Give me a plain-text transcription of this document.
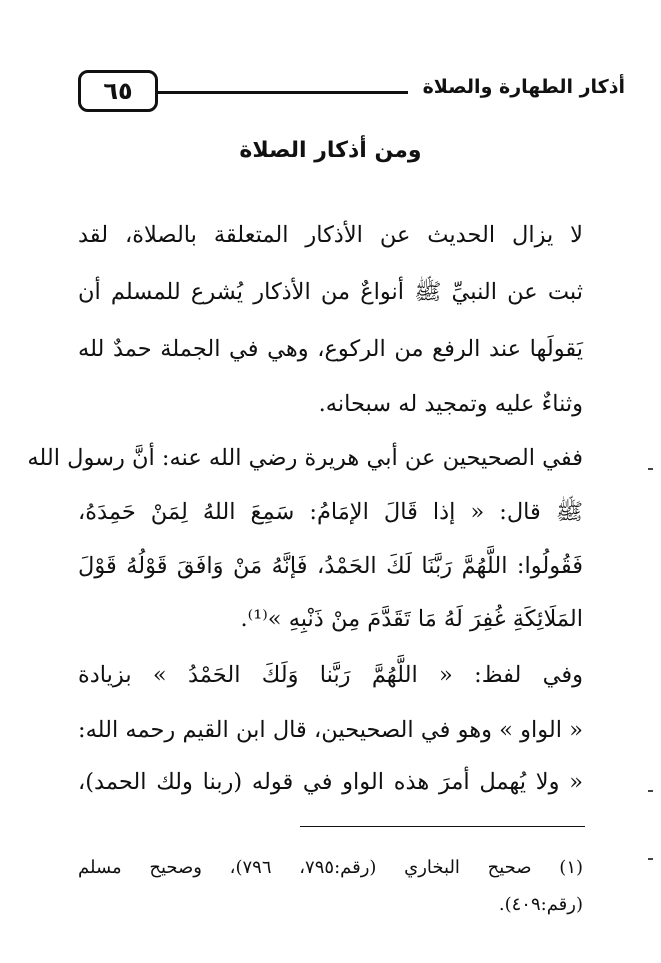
أذكار الطهارة والصلاة
٦٥
ومن أذكار الصلاة
لا يزال الحديث عن الأذكار المتعلقة بالصلاة، لقد
ثبت عن النبيِّ ﷺ أنواعٌ من الأذكار يُشرع للمسلم أن
يَقولَها عند الرفع من الركوع، وهي في الجملة حمدٌ لله
وثناءٌ عليه وتمجيد له سبحانه.
ففي الصحيحين عن أبي هريرة رضي الله عنه: أنَّ رسول الله
ﷺ قال: « إذا قَالَ الإمَامُ: سَمِعَ اللهُ لِمَنْ حَمِدَهُ،
فَقُولُوا: اللَّهُمَّ رَبَّنَا لَكَ الحَمْدُ، فَإنَّهُ مَنْ وَافَقَ قَوْلُهُ قَوْلَ
المَلَائِكَةِ غُفِرَ لَهُ مَا تَقَدَّمَ مِنْ ذَنْبِهِ »⁽¹⁾.
وفي لفظ: « اللَّهُمَّ رَبَّنا وَلَكَ الحَمْدُ » بزيادة
« الواو » وهو في الصحيحين، قال ابن القيم رحمه الله:
« ولا يُهمل أمرَ هذه الواو في قوله (ربنا ولك الحمد)،
(١) صحيح البخاري (رقم:٧٩٥، ٧٩٦)، وصحيح مسلم
(رقم:٤٠٩).
